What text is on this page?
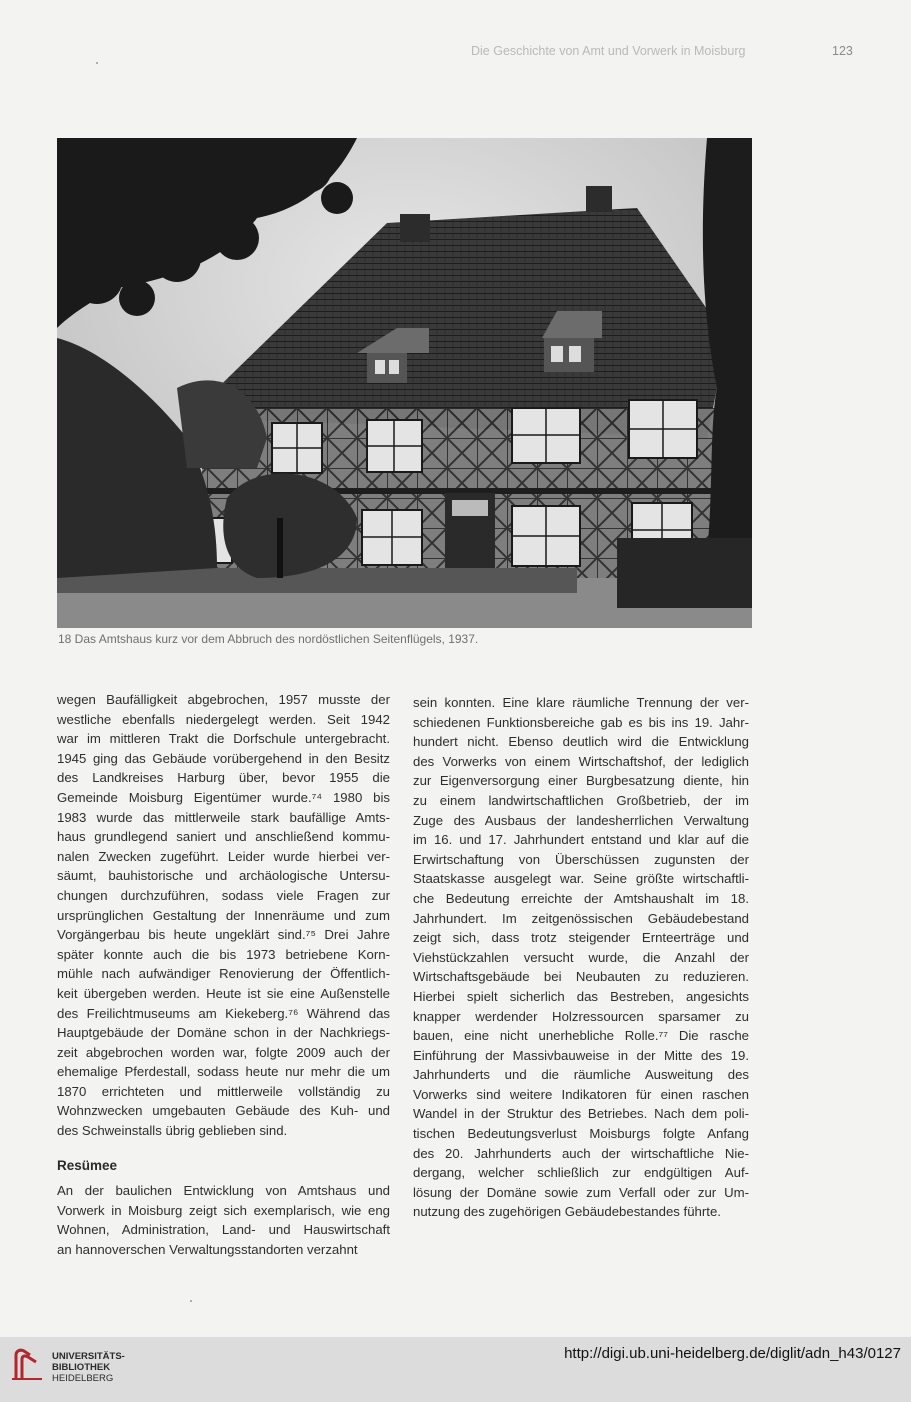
Die Geschichte von Amt und Vorwerk in Moisburg	123
18 Das Amtshaus kurz vor dem Abbruch des nordöstlichen Seitenflügels, 1937.
wegen Baufälligkeit abgebrochen, 1957 musste der
westliche ebenfalls niedergelegt werden. Seit 1942
war im mittleren Trakt die Dorfschule untergebracht.
1945 ging das Gebäude vorübergehend in den Besitz
des Landkreises Harburg über, bevor 1955 die
Gemeinde Moisburg Eigentümer wurde.⁷⁴ 1980 bis
1983 wurde das mittlerweile stark baufällige Amts-
haus grundlegend saniert und anschließend kommu-
nalen Zwecken zugeführt. Leider wurde hierbei ver-
säumt, bauhistorische und archäologische Untersu-
chungen durchzuführen, sodass viele Fragen zur
ursprünglichen Gestaltung der Innenräume und zum
Vorgängerbau bis heute ungeklärt sind.⁷⁵ Drei Jahre
später konnte auch die bis 1973 betriebene Korn-
mühle nach aufwändiger Renovierung der Öffentlich-
keit übergeben werden. Heute ist sie eine Außenstelle
des Freilichtmuseums am Kiekeberg.⁷⁶ Während das
Hauptgebäude der Domäne schon in der Nachkriegs-
zeit abgebrochen worden war, folgte 2009 auch der
ehemalige Pferdestall, sodass heute nur mehr die um
1870 errichteten und mittlerweile vollständig zu
Wohnzwecken umgebauten Gebäude des Kuh- und
des Schweinstalls übrig geblieben sind.
Resümee
An der baulichen Entwicklung von Amtshaus und
Vorwerk in Moisburg zeigt sich exemplarisch, wie eng
Wohnen, Administration, Land- und Hauswirtschaft
an hannoverschen Verwaltungsstandorten verzahnt
sein konnten. Eine klare räumliche Trennung der ver-
schiedenen Funktionsbereiche gab es bis ins 19. Jahr-
hundert nicht. Ebenso deutlich wird die Entwicklung
des Vorwerks von einem Wirtschaftshof, der lediglich
zur Eigenversorgung einer Burgbesatzung diente, hin
zu einem landwirtschaftlichen Großbetrieb, der im
Zuge des Ausbaus der landesherrlichen Verwaltung
im 16. und 17. Jahrhundert entstand und klar auf die
Erwirtschaftung von Überschüssen zugunsten der
Staatskasse ausgelegt war. Seine größte wirtschaftli-
che Bedeutung erreichte der Amtshaushalt im 18.
Jahrhundert. Im zeitgenössischen Gebäudebestand
zeigt sich, dass trotz steigender Ernteerträge und
Viehstückzahlen versucht wurde, die Anzahl der
Wirtschaftsgebäude bei Neubauten zu reduzieren.
Hierbei spielt sicherlich das Bestreben, angesichts
knapper werdender Holzressourcen sparsamer zu
bauen, eine nicht unerhebliche Rolle.⁷⁷ Die rasche
Einführung der Massivbauweise in der Mitte des 19.
Jahrhunderts und die räumliche Ausweitung des
Vorwerks sind weitere Indikatoren für einen raschen
Wandel in der Struktur des Betriebes. Nach dem poli-
tischen Bedeutungsverlust Moisburgs folgte Anfang
des 20. Jahrhunderts auch der wirtschaftliche Nie-
dergang, welcher schließlich zur endgültigen Auf-
lösung der Domäne sowie zum Verfall oder zur Um-
nutzung des zugehörigen Gebäudebestandes führte.
UNIVERSITÄTS-
BIBLIOTHEK
HEIDELBERG
http://digi.ub.uni-heidelberg.de/diglit/adn_h43/0127
